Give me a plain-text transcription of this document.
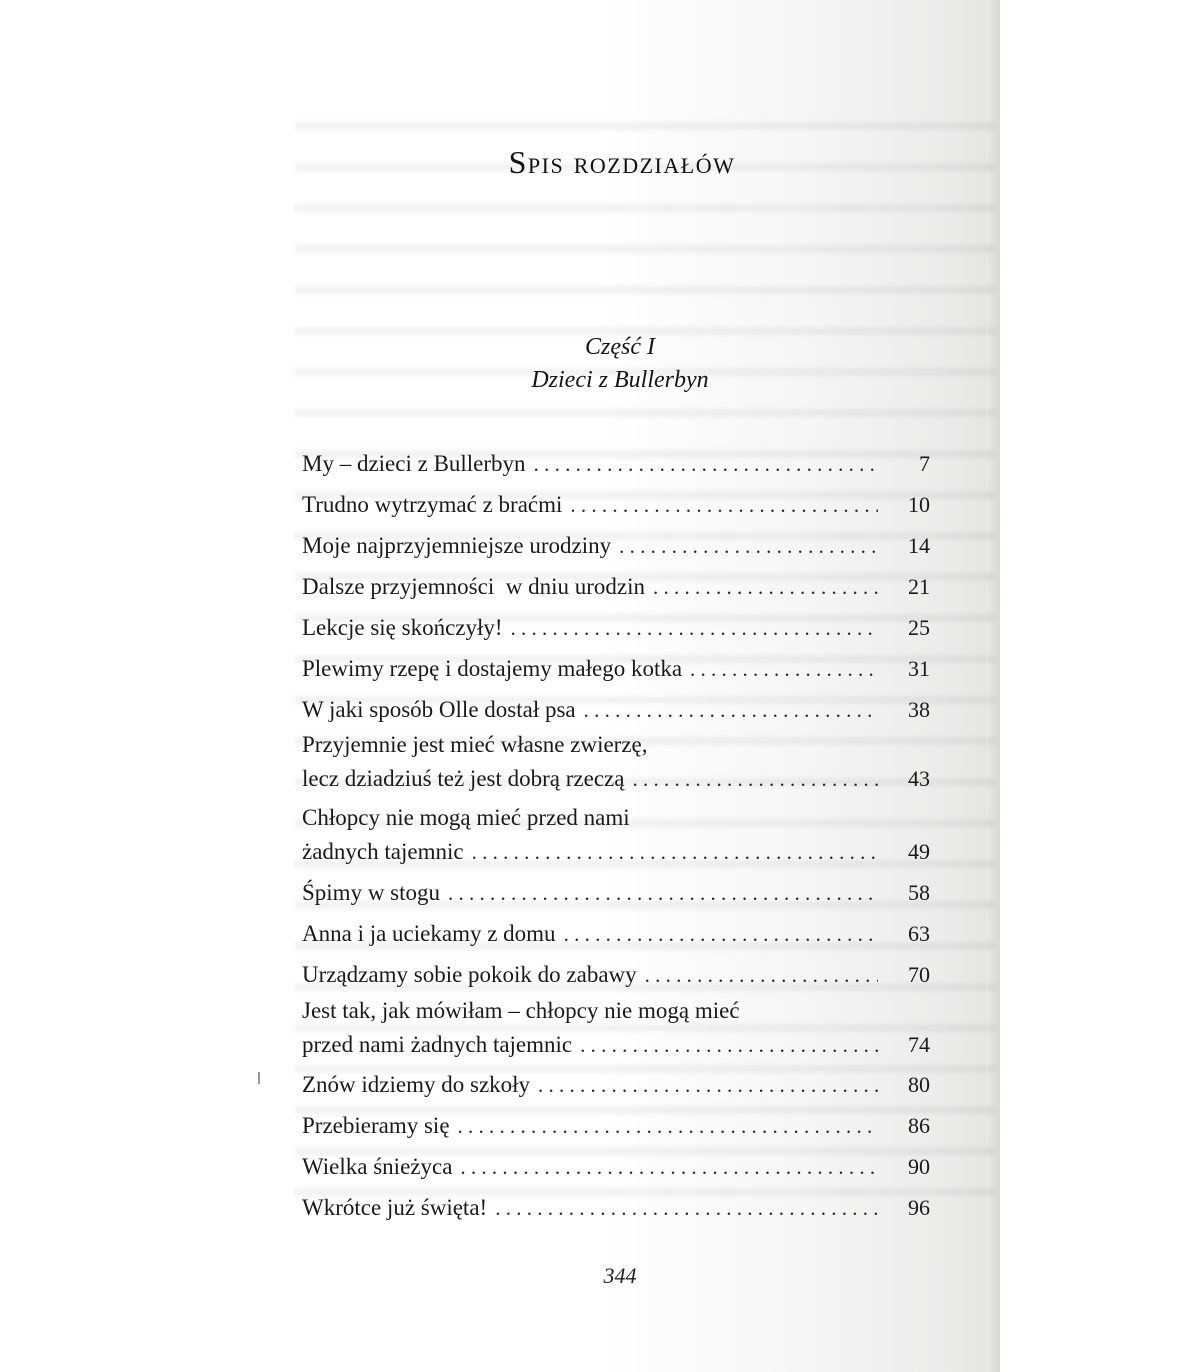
Spis rozdziałów
Część I
Dzieci z Bullerbyn
My – dzieci z Bullerbyn . . .	7
Trudno wytrzymać z braćmi . . .	10
Moje najprzyjemniejsze urodziny . . .	14
Dalsze przyjemności  w dniu urodzin . . .	21
Lekcje się skończyły! . . .	25
Plewimy rzepę i dostajemy małego kotka . . .	31
W jaki sposób Olle dostał psa . . .	38
Przyjemnie jest mieć własne zwierzę,
lecz dziadziuś też jest dobrą rzeczą . . .	43
Chłopcy nie mogą mieć przed nami
żadnych tajemnic . . .	49
Śpimy w stogu . . .	58
Anna i ja uciekamy z domu . . .	63
Urządzamy sobie pokoik do zabawy . . .	70
Jest tak, jak mówiłam – chłopcy nie mogą mieć
przed nami żadnych tajemnic . . .	74
Znów idziemy do szkoły . . .	80
Przebieramy się . . .	86
Wielka śnieżyca . . .	90
Wkrótce już święta! . . .	96
344
